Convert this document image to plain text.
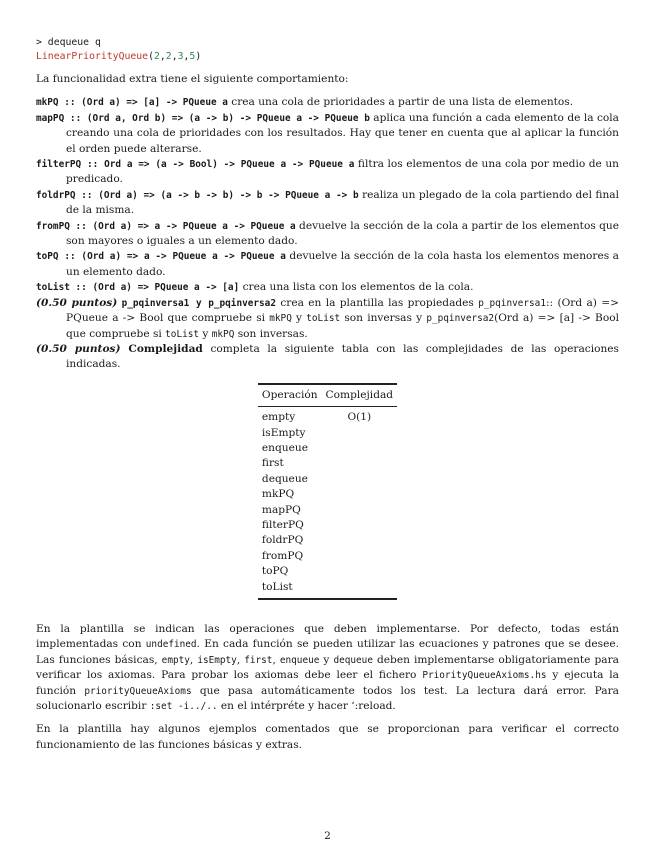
> dequeue q
LinearPriorityQueue(2,2,3,5)

La funcionalidad extra tiene el siguiente comportamiento:

mkPQ :: (Ord a) => [a] -> PQueue a crea una cola de prioridades a partir de una lista de elementos.

mapPQ :: (Ord a, Ord b) => (a -> b) -> PQueue a -> PQueue b aplica una función a cada elemento de la cola creando una cola de prioridades con los resultados. Hay que tener en cuenta que al aplicar la función el orden puede alterarse.

filterPQ :: Ord a => (a -> Bool) -> PQueue a -> PQueue a filtra los elementos de una cola por medio de un predicado.

foldrPQ :: (Ord a) => (a -> b -> b) -> b -> PQueue a -> b realiza un plegado de la cola partiendo del final de la misma.

fromPQ :: (Ord a) => a -> PQueue a -> PQueue a devuelve la sección de la cola a partir de los elementos que son mayores o iguales a un elemento dado.

toPQ :: (Ord a) => a -> PQueue a -> PQueue a devuelve la sección de la cola hasta los elementos menores a un elemento dado.

toList :: (Ord a) => PQueue a -> [a] crea una lista con los elementos de la cola.

(0.50 puntos) p_pqinversa1 y p_pqinversa2 crea en la plantilla las propiedades p_pqinversa1:: (Ord a) => PQueue a -> Bool que compruebe si mkPQ y toList son inversas y p_pqinversa2(Ord a) => [a] -> Bool que compruebe si toList y mkPQ son inversas.

(0.50 puntos) Complejidad completa la siguiente tabla con las complejidades de las operaciones indicadas.

Operación	Complejidad
empty	O(1)
isEmpty	
enqueue	
first	
dequeue	
mkPQ	
mapPQ	
filterPQ	
foldrPQ	
fromPQ	
toPQ	
toList	

En la plantilla se indican las operaciones que deben implementarse. Por defecto, todas están implementadas con undefined. En cada función se pueden utilizar las ecuaciones y patrones que se desee. Las funciones básicas, empty, isEmpty, first, enqueue y dequeue deben implementarse obligatoriamente para verificar los axiomas. Para probar los axiomas debe leer el fichero PriorityQueueAxioms.hs y ejecuta la función priorityQueueAxioms que pasa automáticamente todos los test. La lectura dará error. Para solucionarlo escribir :set -i../.. en el intérpréte y hacer ‘:reload.

En la plantilla hay algunos ejemplos comentados que se proporcionan para verificar el correcto funcionamiento de las funciones básicas y extras.

2
